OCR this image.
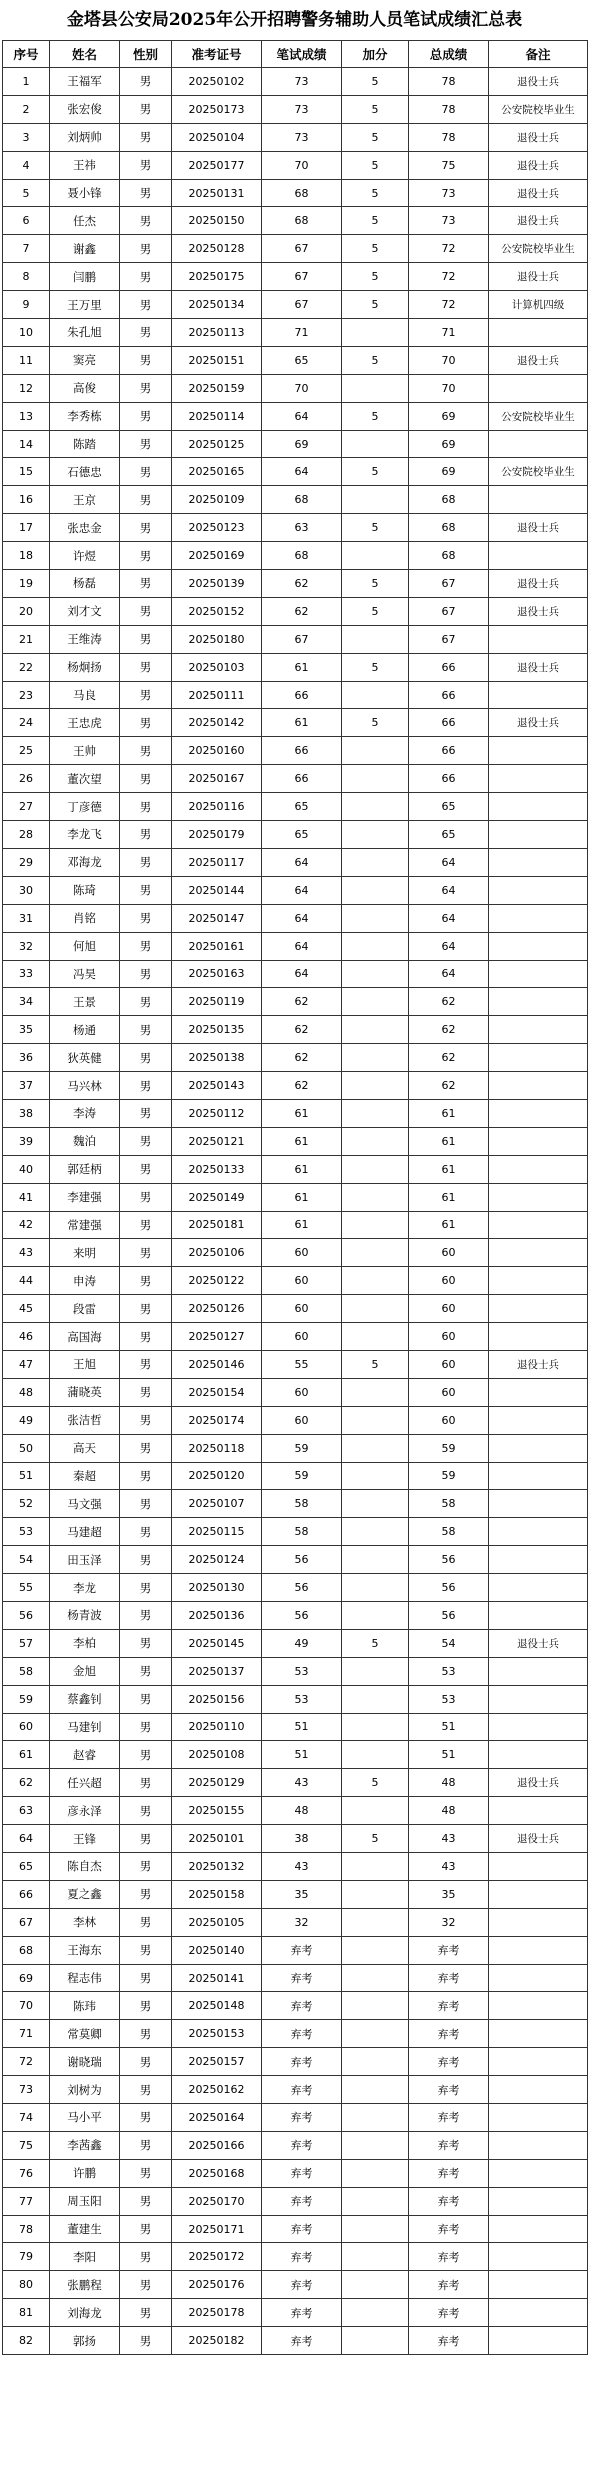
金塔县公安局2025年公开招聘警务辅助人员笔试成绩汇总表
序号	姓名	性别	准考证号	笔试成绩	加分	总成绩	备注
1	王福军	男	20250102	73	5	78	退役士兵
2	张宏俊	男	20250173	73	5	78	公安院校毕业生
3	刘炳帅	男	20250104	73	5	78	退役士兵
4	王祎	男	20250177	70	5	75	退役士兵
5	聂小锋	男	20250131	68	5	73	退役士兵
6	任杰	男	20250150	68	5	73	退役士兵
7	谢鑫	男	20250128	67	5	72	公安院校毕业生
8	闫鹏	男	20250175	67	5	72	退役士兵
9	王万里	男	20250134	67	5	72	计算机四级
10	朱孔旭	男	20250113	71		71	
11	窦亮	男	20250151	65	5	70	退役士兵
12	高俊	男	20250159	70		70	
13	李秀栋	男	20250114	64	5	69	公安院校毕业生
14	陈踏	男	20250125	69		69	
15	石德忠	男	20250165	64	5	69	公安院校毕业生
16	王京	男	20250109	68		68	
17	张忠金	男	20250123	63	5	68	退役士兵
18	许煜	男	20250169	68		68	
19	杨磊	男	20250139	62	5	67	退役士兵
20	刘才文	男	20250152	62	5	67	退役士兵
21	王维涛	男	20250180	67		67	
22	杨炯扬	男	20250103	61	5	66	退役士兵
23	马良	男	20250111	66		66	
24	王忠虎	男	20250142	61	5	66	退役士兵
25	王帅	男	20250160	66		66	
26	董次望	男	20250167	66		66	
27	丁彦德	男	20250116	65		65	
28	李龙飞	男	20250179	65		65	
29	邓海龙	男	20250117	64		64	
30	陈琦	男	20250144	64		64	
31	肖铭	男	20250147	64		64	
32	何旭	男	20250161	64		64	
33	冯昊	男	20250163	64		64	
34	王景	男	20250119	62		62	
35	杨通	男	20250135	62		62	
36	狄英健	男	20250138	62		62	
37	马兴林	男	20250143	62		62	
38	李涛	男	20250112	61		61	
39	魏泊	男	20250121	61		61	
40	郭廷柄	男	20250133	61		61	
41	李建强	男	20250149	61		61	
42	常建强	男	20250181	61		61	
43	来明	男	20250106	60		60	
44	申涛	男	20250122	60		60	
45	段雷	男	20250126	60		60	
46	高国海	男	20250127	60		60	
47	王旭	男	20250146	55	5	60	退役士兵
48	蒲晓英	男	20250154	60		60	
49	张洁哲	男	20250174	60		60	
50	高天	男	20250118	59		59	
51	秦超	男	20250120	59		59	
52	马文强	男	20250107	58		58	
53	马建超	男	20250115	58		58	
54	田玉泽	男	20250124	56		56	
55	李龙	男	20250130	56		56	
56	杨青波	男	20250136	56		56	
57	李柏	男	20250145	49	5	54	退役士兵
58	金旭	男	20250137	53		53	
59	蔡鑫钊	男	20250156	53		53	
60	马建钊	男	20250110	51		51	
61	赵睿	男	20250108	51		51	
62	任兴超	男	20250129	43	5	48	退役士兵
63	彦永泽	男	20250155	48		48	
64	王锋	男	20250101	38	5	43	退役士兵
65	陈自杰	男	20250132	43		43	
66	夏之鑫	男	20250158	35		35	
67	李林	男	20250105	32		32	
68	王海东	男	20250140	弃考		弃考	
69	程志伟	男	20250141	弃考		弃考	
70	陈玮	男	20250148	弃考		弃考	
71	常莫卿	男	20250153	弃考		弃考	
72	谢晓瑞	男	20250157	弃考		弃考	
73	刘树为	男	20250162	弃考		弃考	
74	马小平	男	20250164	弃考		弃考	
75	李茜鑫	男	20250166	弃考		弃考	
76	许鹏	男	20250168	弃考		弃考	
77	周玉阳	男	20250170	弃考		弃考	
78	董建生	男	20250171	弃考		弃考	
79	李阳	男	20250172	弃考		弃考	
80	张鹏程	男	20250176	弃考		弃考	
81	刘海龙	男	20250178	弃考		弃考	
82	郭扬	男	20250182	弃考		弃考	
